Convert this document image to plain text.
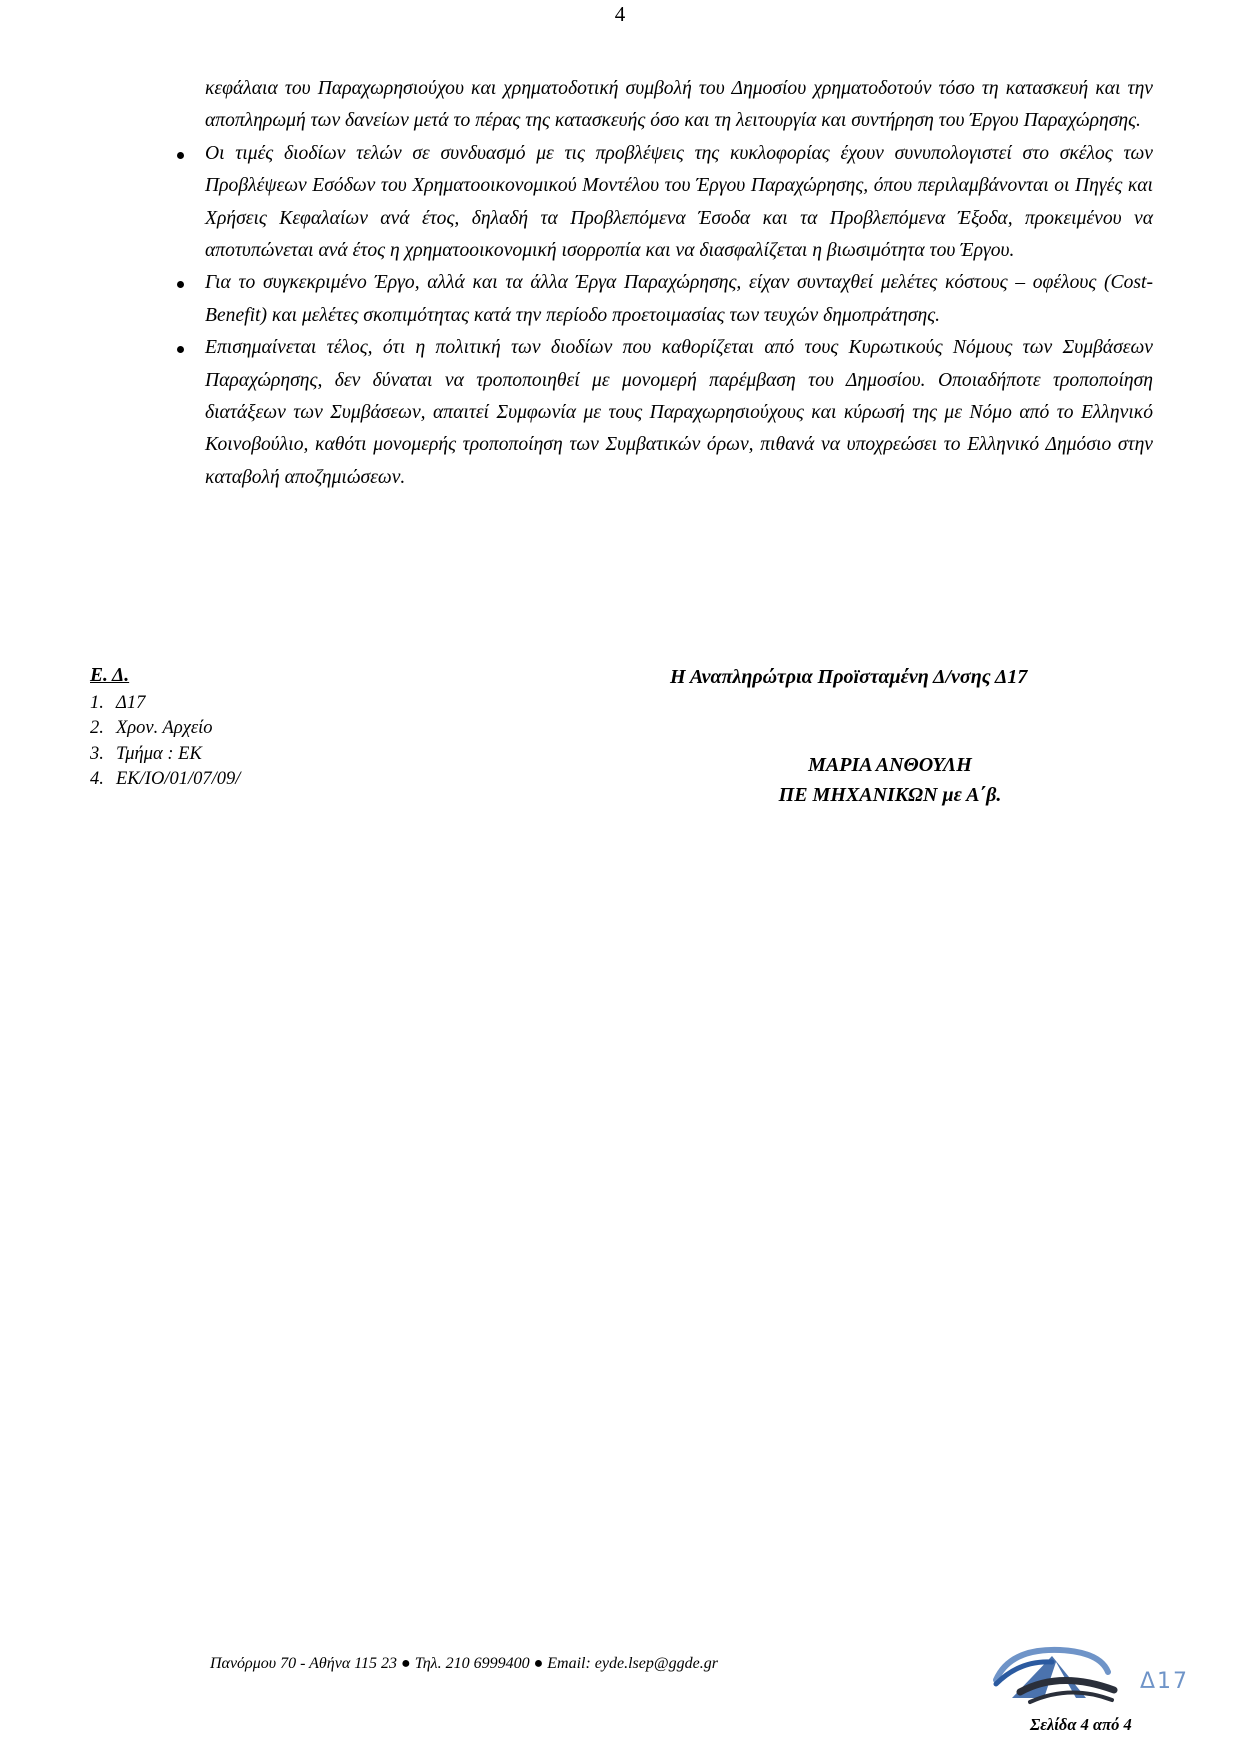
4

κεφάλαια του Παραχωρησιούχου και χρηματοδοτική συμβολή του Δημοσίου χρηματοδοτούν τόσο τη κατασκευή και την αποπληρωμή των δανείων μετά το πέρας της κατασκευής όσο και τη λειτουργία και συντήρηση του Έργου Παραχώρησης.

Οι τιμές διοδίων τελών σε συνδυασμό με τις προβλέψεις της κυκλοφορίας έχουν συνυπολογιστεί στο σκέλος των Προβλέψεων Εσόδων του Χρηματοοικονομικού Μοντέλου του Έργου Παραχώρησης, όπου περιλαμβάνονται οι Πηγές και Χρήσεις Κεφαλαίων ανά έτος, δηλαδή τα Προβλεπόμενα Έσοδα και τα Προβλεπόμενα Έξοδα, προκειμένου να αποτυπώνεται ανά έτος η χρηματοοικονομική ισορροπία και να διασφαλίζεται η βιωσιμότητα του Έργου.
Για το συγκεκριμένο Έργο, αλλά και τα άλλα Έργα Παραχώρησης, είχαν συνταχθεί μελέτες κόστους – οφέλους (Cost-Benefit) και μελέτες σκοπιμότητας κατά την περίοδο προετοιμασίας των τευχών δημοπράτησης.
Επισημαίνεται τέλος, ότι η πολιτική των διοδίων που καθορίζεται από τους Κυρωτικούς Νόμους των Συμβάσεων Παραχώρησης, δεν δύναται να τροποποιηθεί με μονομερή παρέμβαση του Δημοσίου. Οποιαδήποτε τροποποίηση διατάξεων των Συμβάσεων, απαιτεί Συμφωνία με τους Παραχωρησιούχους και κύρωσή της με Νόμο από το Ελληνικό Κοινοβούλιο, καθότι μονομερής τροποποίηση των Συμβατικών όρων, πιθανά να υποχρεώσει το Ελληνικό Δημόσιο στην καταβολή αποζημιώσεων.
Ε. Δ.
1. Δ17
2. Χρον. Αρχείο
3. Τμήμα : ΕΚ
4. ΕΚ/ΙΟ/01/07/09/
Η Αναπληρώτρια Προϊσταμένη Δ/νσης Δ17
ΜΑΡΙΑ ΑΝΘΟΥΛΗ
ΠΕ ΜΗΧΑΝΙΚΩΝ με Α΄β.
Πανόρμου 70 - Αθήνα 115 23 ● Τηλ. 210 6999400 ● Email: eyde.lsep@ggde.gr
Δ17
Σελίδα 4 από 4
